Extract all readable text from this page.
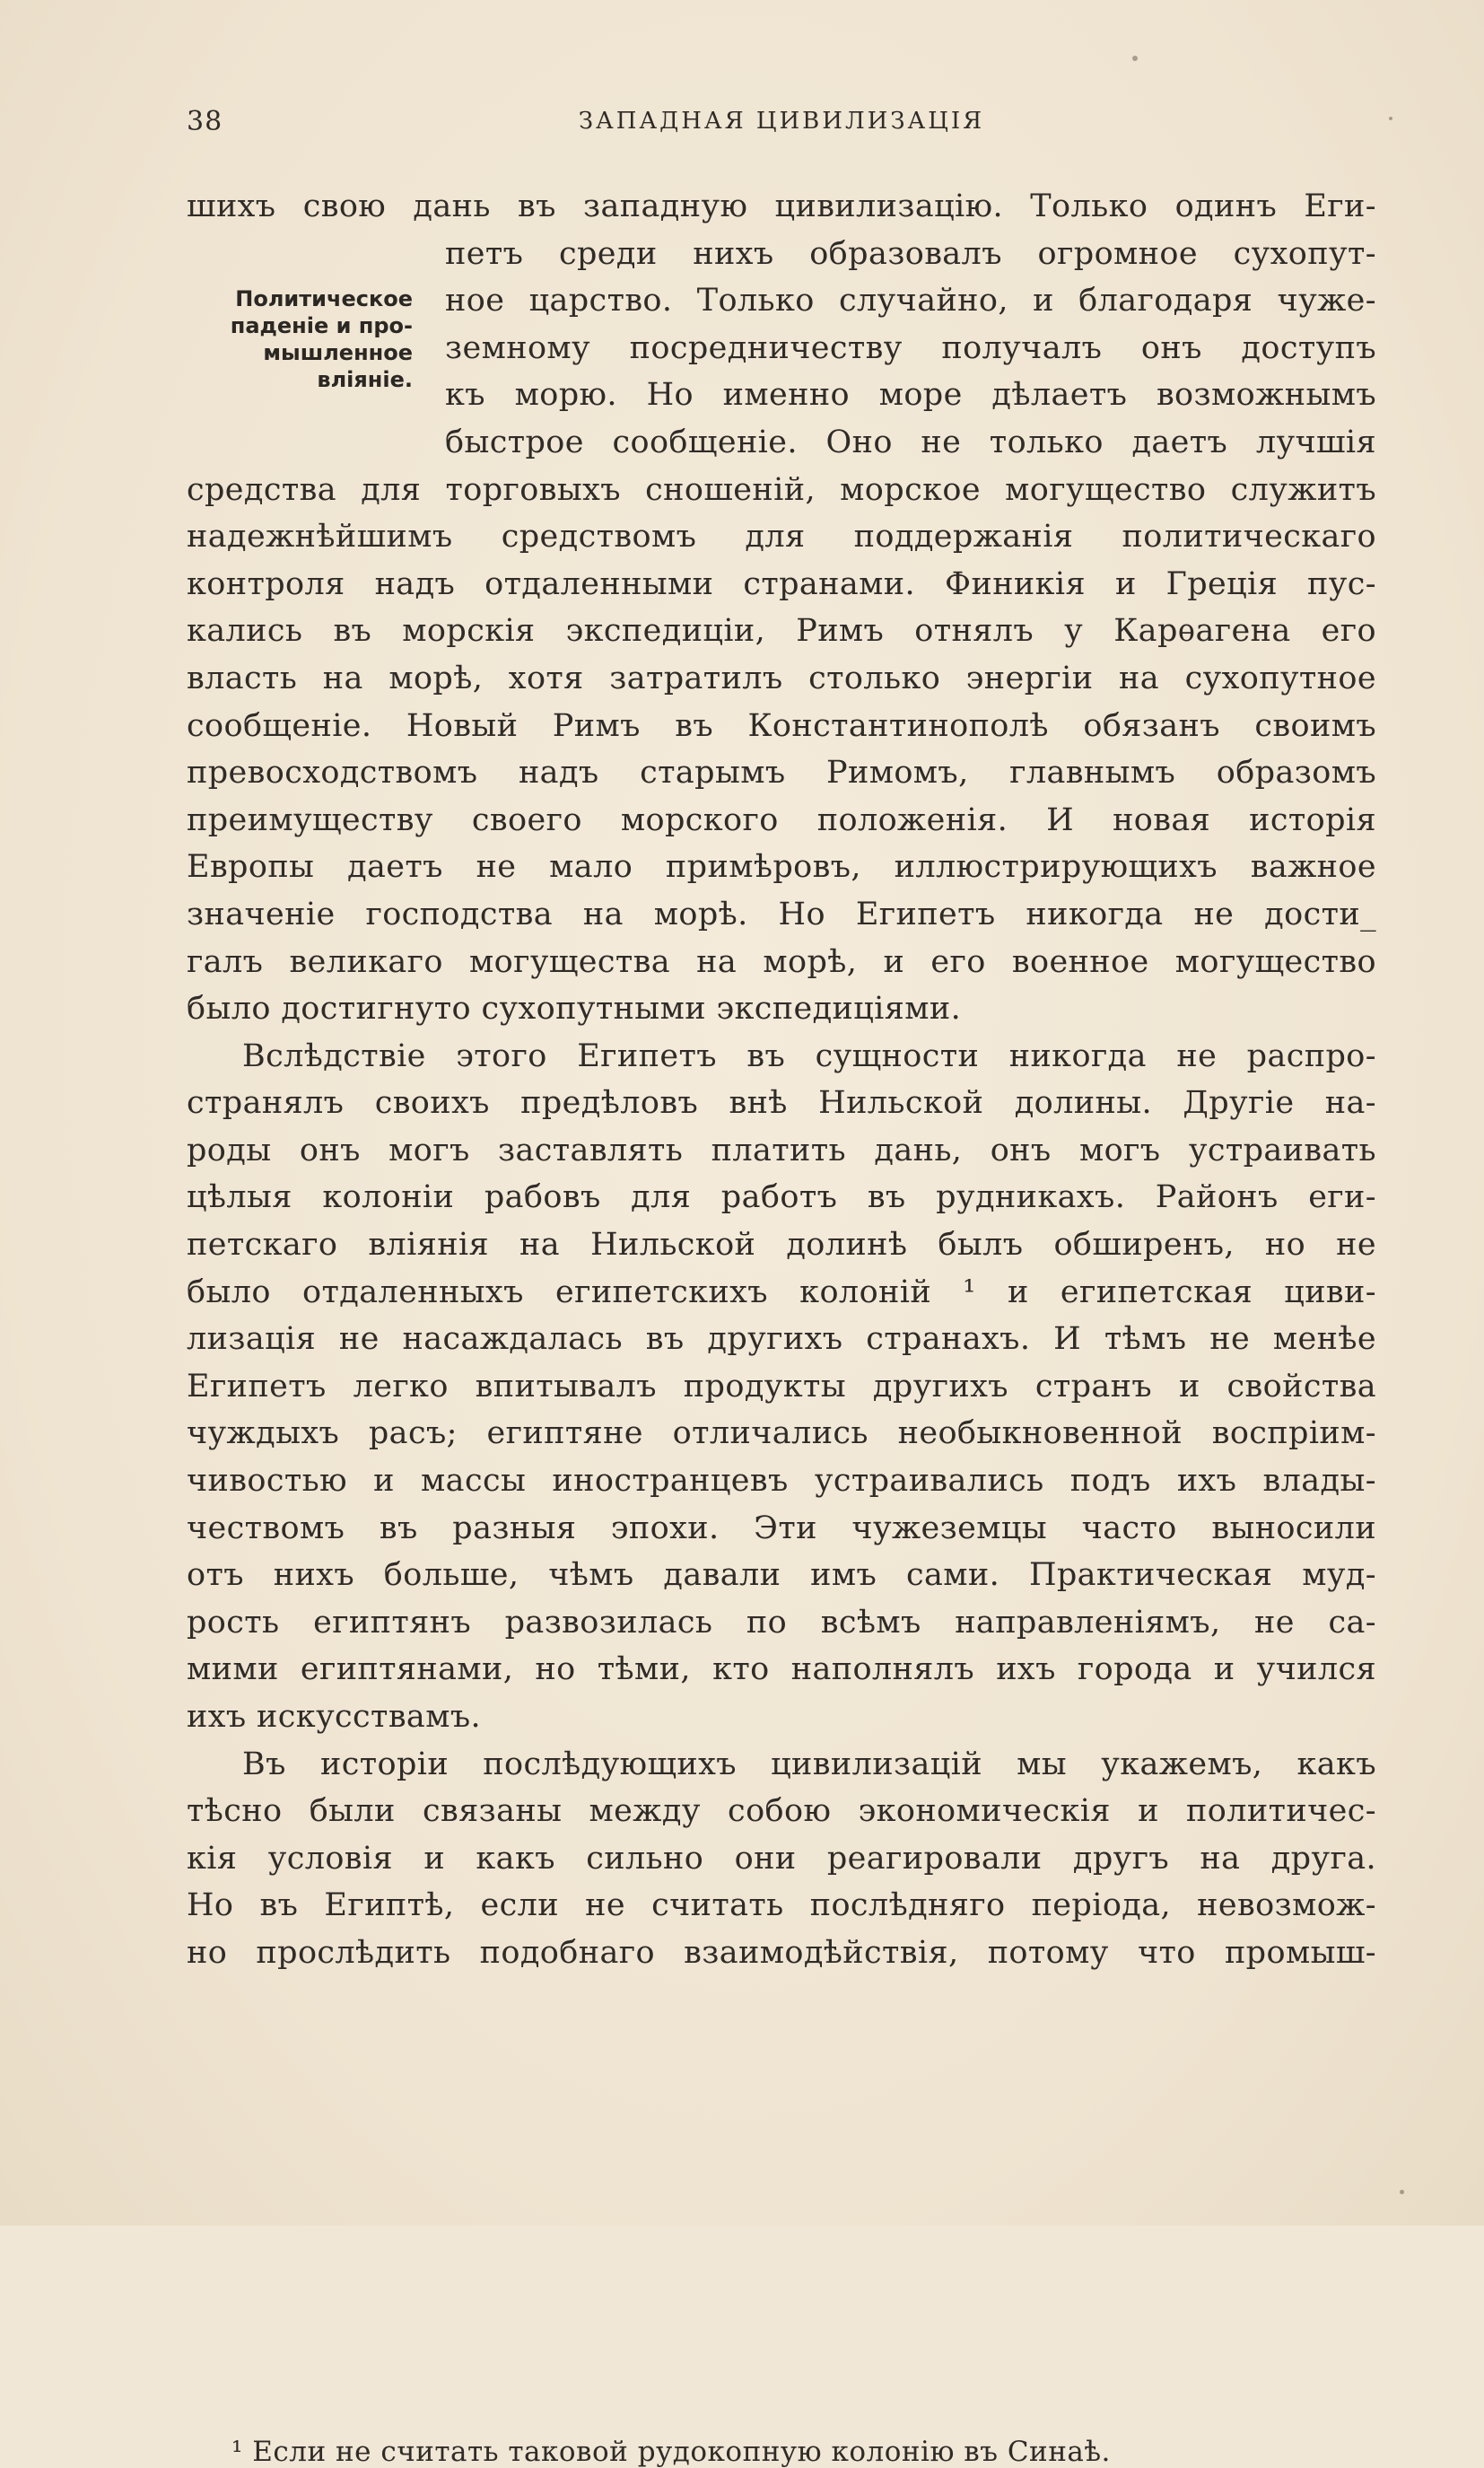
38	ЗАПАДНАЯ ЦИВИЛИЗАЦІЯ
Политическое
паденіе и про-
мышленное
вліяніе.
шихъ свою дань въ западную цивилизацію. Только одинъ Еги-
петъ среди нихъ образовалъ огромное сухопут-
ное царство. Только случайно, и благодаря чуже-
земному посредничеству получалъ онъ доступъ
къ морю. Но именно море дѣлаетъ возможнымъ
быстрое сообщеніе. Оно не только даетъ лучшія
средства для торговыхъ сношеній, морское могущество служитъ
надежнѣйшимъ средствомъ для поддержанія политическаго
контроля надъ отдаленными странами. Финикія и Греція пус-
кались въ морскія экспедиціи, Римъ отнялъ у Карѳагена его
власть на морѣ, хотя затратилъ столько энергіи на сухопутное
сообщеніе. Новый Римъ въ Константинополѣ обязанъ своимъ
превосходствомъ надъ старымъ Римомъ, главнымъ образомъ
преимуществу своего морского положенія. И новая исторія
Европы даетъ не мало примѣровъ, иллюстрирующихъ важное
значеніе господства на морѣ. Но Египетъ никогда не дости_
галъ великаго могущества на морѣ, и его военное могущество
было достигнуто сухопутными экспедиціями.
Вслѣдствіе этого Египетъ въ сущности никогда не распро-
странялъ своихъ предѣловъ внѣ Нильской долины. Другіе на-
роды онъ могъ заставлять платить дань, онъ могъ устраивать
цѣлыя колоніи рабовъ для работъ въ рудникахъ. Районъ еги-
петскаго вліянія на Нильской долинѣ былъ обширенъ, но не
было отдаленныхъ египетскихъ колоній ¹ и египетская циви-
лизація не насаждалась въ другихъ странахъ. И тѣмъ не менѣе
Египетъ легко впитывалъ продукты другихъ странъ и свойства
чуждыхъ расъ; египтяне отличались необыкновенной воспріим-
чивостью и массы иностранцевъ устраивались подъ ихъ влады-
чествомъ въ разныя эпохи. Эти чужеземцы часто выносили
отъ нихъ больше, чѣмъ давали имъ сами. Практическая муд-
рость египтянъ развозилась по всѣмъ направленіямъ, не са-
мими египтянами, но тѣми, кто наполнялъ ихъ города и учился
ихъ искусствамъ.
Въ исторіи послѣдующихъ цивилизацій мы укажемъ, какъ
тѣсно были связаны между собою экономическія и политичес-
кія условія и какъ сильно они реагировали другъ на друга.
Но въ Египтѣ, если не считать послѣдняго періода, невозмож-
но прослѣдить подобнаго взаимодѣйствія, потому что промыш-
¹ Если не считать таковой рудокопную колонію въ Синаѣ.
